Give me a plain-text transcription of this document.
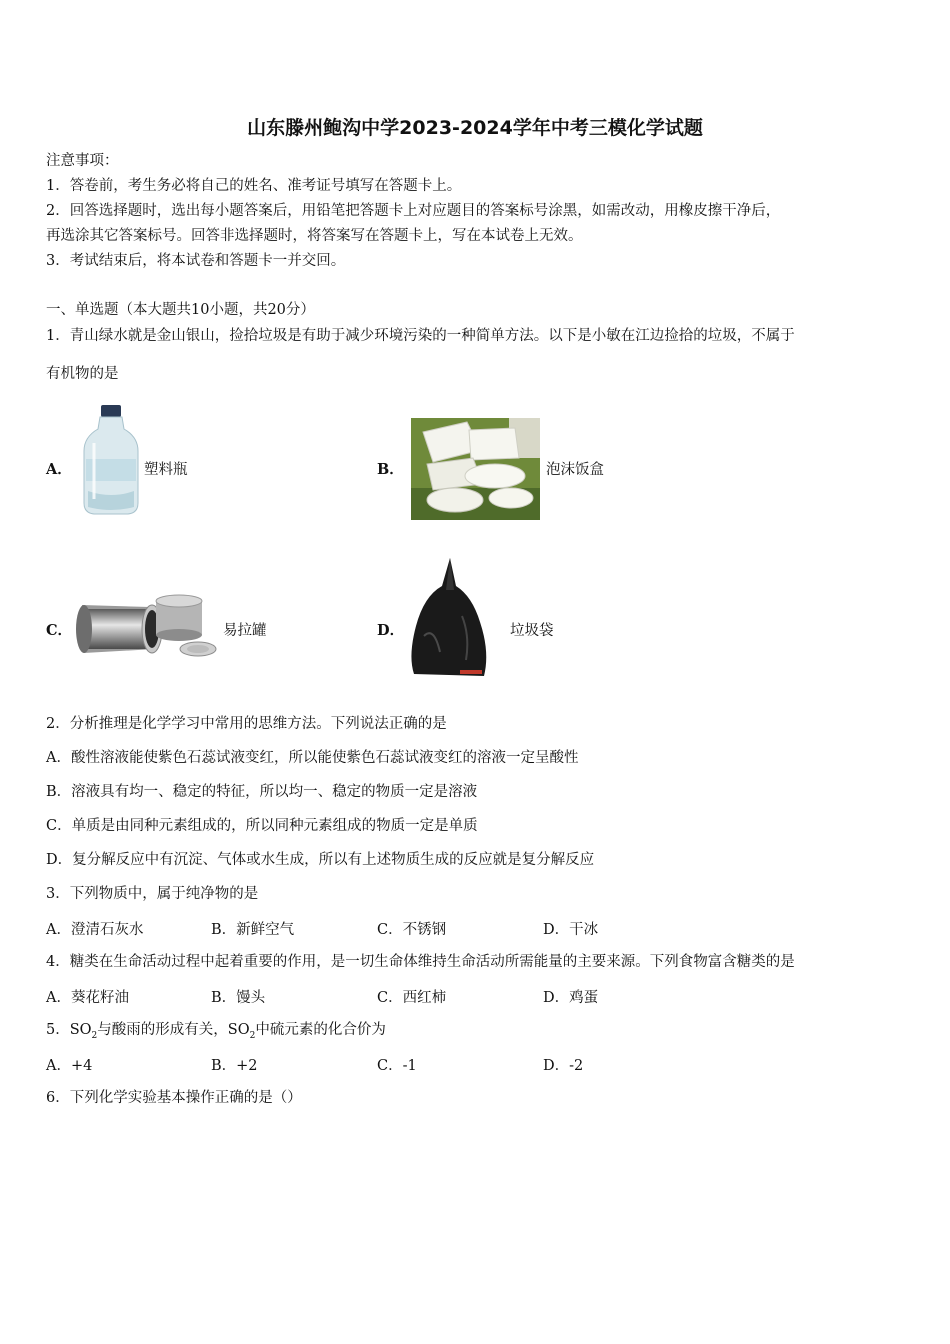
山东滕州鲍沟中学2023-2024学年中考三模化学试题
注意事项：
1．答卷前，考生务必将自己的姓名、准考证号填写在答题卡上。
2．回答选择题时，选出每小题答案后，用铅笔把答题卡上对应题目的答案标号涂黑，如需改动，用橡皮擦干净后，
再选涂其它答案标号。回答非选择题时，将答案写在答题卡上，写在本试卷上无效。
3．考试结束后，将本试卷和答题卡一并交回。
一、单选题（本大题共10小题，共20分）
1．青山绿水就是金山银山，捡拾垃圾是有助于减少环境污染的一种简单方法。以下是小敏在江边捡拾的垃圾，不属于
有机物的是
A．	塑料瓶	B．	泡沫饭盒
C．	易拉罐	D．	垃圾袋
2．分析推理是化学学习中常用的思维方法。下列说法正确的是
A．酸性溶液能使紫色石蕊试液变红，所以能使紫色石蕊试液变红的溶液一定呈酸性
B．溶液具有均一、稳定的特征，所以均一、稳定的物质一定是溶液
C．单质是由同种元素组成的，所以同种元素组成的物质一定是单质
D．复分解反应中有沉淀、气体或水生成，所以有上述物质生成的反应就是复分解反应
3．下列物质中，属于纯净物的是
A．澄清石灰水	B．新鲜空气	C．不锈钢	D．干冰
4．糖类在生命活动过程中起着重要的作用，是一切生命体维持生命活动所需能量的主要来源。下列食物富含糖类的是
A．葵花籽油	B．馒头	C．西红柿	D．鸡蛋
5．$SO_2$与酸雨的形成有关，$SO_2$中硫元素的化合价为
A．+4	B．+2	C．-1	D．-2
6．下列化学实验基本操作正确的是（）
